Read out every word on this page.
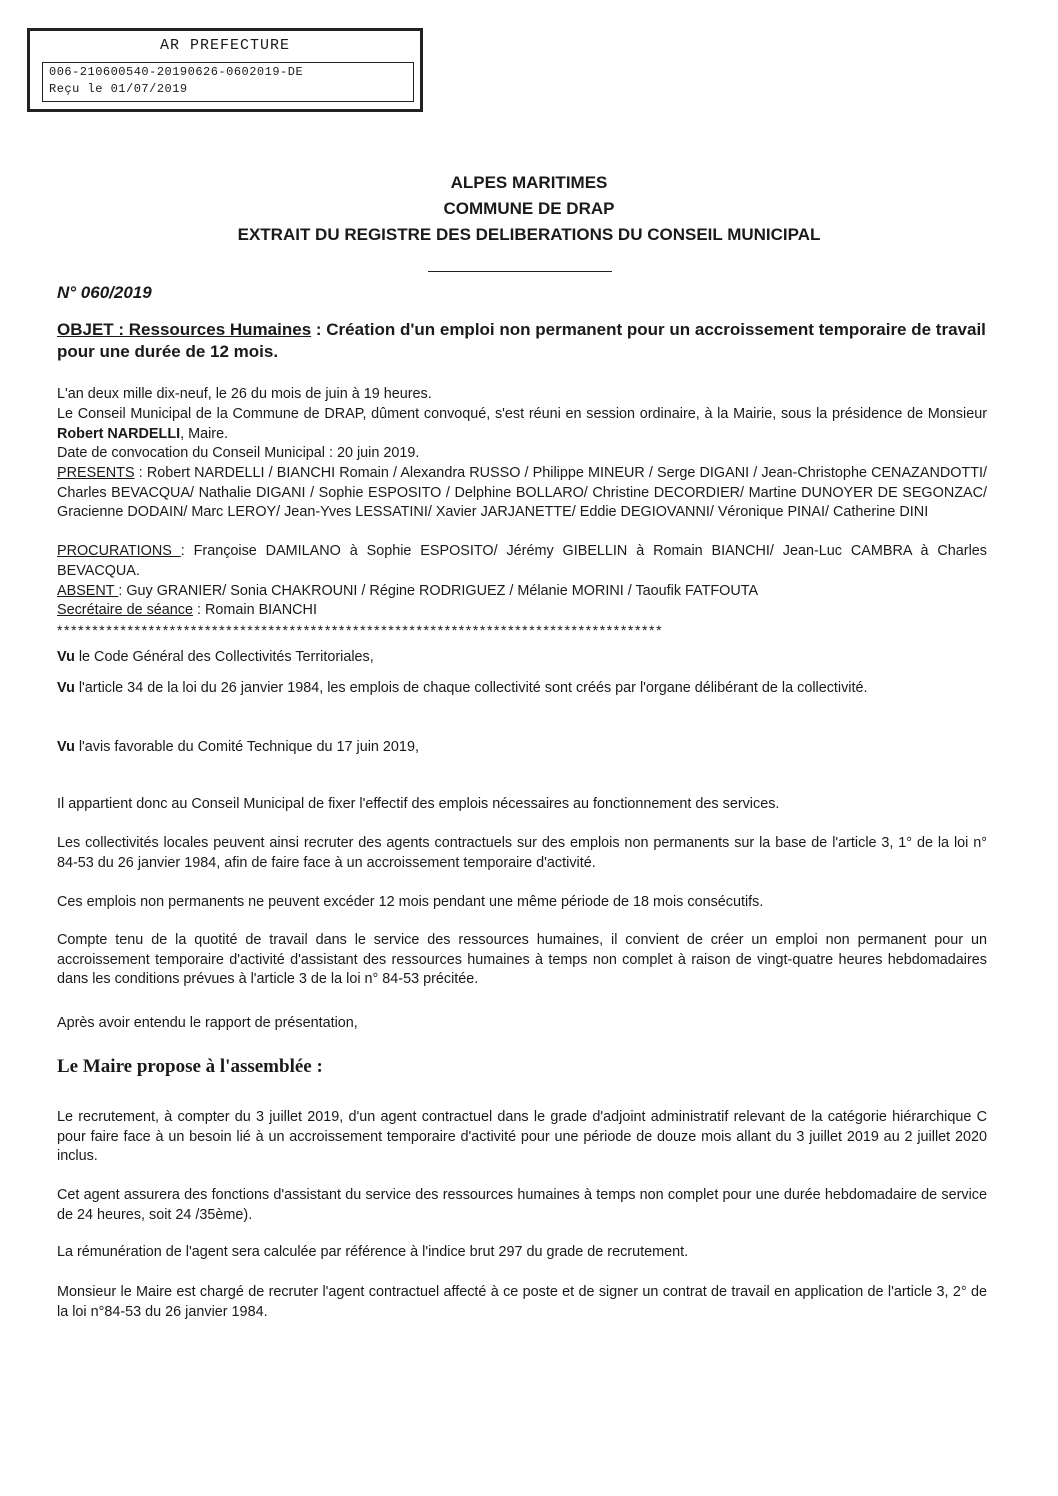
AR PREFECTURE
006-210600540-20190626-0602019-DE
Reçu le 01/07/2019
ALPES MARITIMES
COMMUNE DE DRAP
EXTRAIT DU REGISTRE DES DELIBERATIONS DU CONSEIL MUNICIPAL
N° 060/2019
OBJET : Ressources Humaines : Création d'un emploi non permanent pour un accroissement temporaire de travail pour une durée de 12 mois.
L'an deux mille dix-neuf, le 26 du mois de juin à 19 heures.
Le Conseil Municipal de la Commune de DRAP, dûment convoqué, s'est réuni en session ordinaire, à la Mairie, sous la présidence de Monsieur Robert NARDELLI, Maire.
Date de convocation du Conseil Municipal : 20 juin 2019.
PRESENTS : Robert NARDELLI / BIANCHI Romain / Alexandra RUSSO / Philippe MINEUR / Serge DIGANI / Jean-Christophe CENAZANDOTTI/ Charles BEVACQUA/ Nathalie DIGANI / Sophie ESPOSITO / Delphine BOLLARO/ Christine DECORDIER/ Martine DUNOYER DE SEGONZAC/ Gracienne DODAIN/ Marc LEROY/ Jean-Yves LESSATINI/ Xavier JARJANETTE/ Eddie DEGIOVANNI/ Véronique PINAI/ Catherine DINI
PROCURATIONS : Françoise DAMILANO à Sophie ESPOSITO/ Jérémy GIBELLIN à Romain BIANCHI/ Jean-Luc CAMBRA à Charles BEVACQUA.
ABSENT : Guy GRANIER/ Sonia CHAKROUNI / Régine RODRIGUEZ / Mélanie MORINI / Taoufik FATFOUTA
Secrétaire de séance : Romain BIANCHI
**************************************************************************************
Vu le Code Général des Collectivités Territoriales,
Vu l'article 34 de la loi du 26 janvier 1984, les emplois de chaque collectivité sont créés par l'organe délibérant de la collectivité.
Vu l'avis favorable du Comité Technique du 17 juin 2019,
Il appartient donc au Conseil Municipal de fixer l'effectif des emplois nécessaires au fonctionnement des services.
Les collectivités locales peuvent ainsi recruter des agents contractuels sur des emplois non permanents sur la base de l'article 3, 1° de la loi n° 84-53 du 26 janvier 1984, afin de faire face à un accroissement temporaire d'activité.
Ces emplois non permanents ne peuvent excéder 12 mois pendant une même période de 18 mois consécutifs.
Compte tenu de la quotité de travail dans le service des ressources humaines, il convient de créer un emploi non permanent pour un accroissement temporaire d'activité d'assistant des ressources humaines à temps non complet à raison de vingt-quatre heures hebdomadaires dans les conditions prévues à l'article 3 de la loi n° 84-53 précitée.
Après avoir entendu le rapport de présentation,
Le Maire propose à l'assemblée :
Le recrutement, à compter du 3 juillet 2019, d'un agent contractuel dans le grade d'adjoint administratif relevant de la catégorie hiérarchique C pour faire face à un besoin lié à un accroissement temporaire d'activité pour une période de douze mois allant du 3 juillet 2019 au 2 juillet 2020 inclus.
Cet agent assurera des fonctions d'assistant du service des ressources humaines à temps non complet pour une durée hebdomadaire de service de 24 heures, soit 24 /35ème).
La rémunération de l'agent sera calculée par référence à l'indice brut 297 du grade de recrutement.
Monsieur le Maire est chargé de recruter l'agent contractuel affecté à ce poste et de signer un contrat de travail en application de l'article 3, 2° de la loi n°84-53 du 26 janvier 1984.
